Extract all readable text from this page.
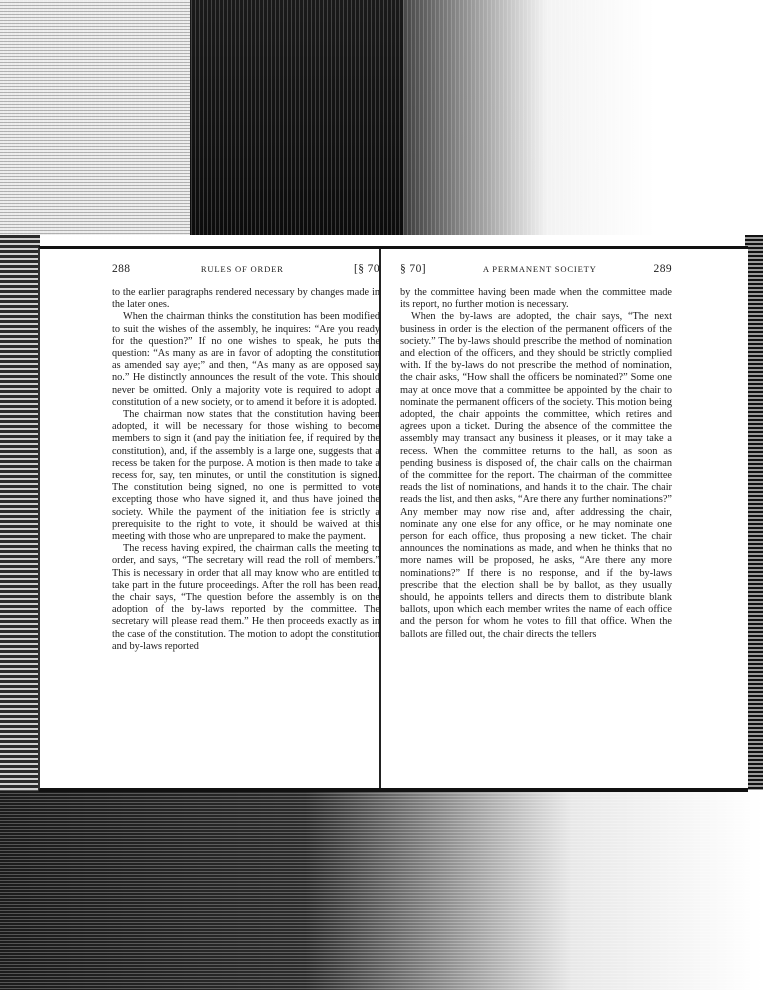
288	RULES OF ORDER	[§ 70

to the earlier paragraphs rendered necessary by changes made in the later ones.

When the chairman thinks the constitution has been modified to suit the wishes of the assembly, he inquires: “Are you ready for the question?” If no one wishes to speak, he puts the question: “As many as are in favor of adopting the constitution as amended say aye;” and then, “As many as are opposed say no.” He distinctly announces the result of the vote. This should never be omitted. Only a majority vote is required to adopt a constitution of a new society, or to amend it before it is adopted.

The chairman now states that the constitution having been adopted, it will be necessary for those wishing to become members to sign it (and pay the initiation fee, if required by the constitution), and, if the assembly is a large one, suggests that a recess be taken for the purpose. A motion is then made to take a recess for, say, ten minutes, or until the constitution is signed. The constitution being signed, no one is permitted to vote excepting those who have signed it, and thus have joined the society. While the payment of the initiation fee is strictly a prerequisite to the right to vote, it should be waived at this meeting with those who are unprepared to make the payment.

The recess having expired, the chairman calls the meeting to order, and says, “The secretary will read the roll of members.” This is necessary in order that all may know who are entitled to take part in the future proceedings. After the roll has been read, the chair says, “The question before the assembly is on the adoption of the by-laws reported by the committee. The secretary will please read them.” He then proceeds exactly as in the case of the constitution. The motion to adopt the constitution and by-laws reported

§ 70]	A PERMANENT SOCIETY	289

by the committee having been made when the committee made its report, no further motion is necessary.

When the by-laws are adopted, the chair says, “The next business in order is the election of the permanent officers of the society.” The by-laws should prescribe the method of nomination and election of the officers, and they should be strictly complied with. If the by-laws do not prescribe the method of nomination, the chair asks, “How shall the officers be nominated?” Some one may at once move that a committee be appointed by the chair to nominate the permanent officers of the society. This motion being adopted, the chair appoints the committee, which retires and agrees upon a ticket. During the absence of the committee the assembly may transact any business it pleases, or it may take a recess. When the committee returns to the hall, as soon as pending business is disposed of, the chair calls on the chairman of the committee for the report. The chairman of the committee reads the list of nominations, and hands it to the chair. The chair reads the list, and then asks, “Are there any further nominations?” Any member may now rise and, after addressing the chair, nominate any one else for any office, or he may nominate one person for each office, thus proposing a new ticket. The chair announces the nominations as made, and when he thinks that no more names will be proposed, he asks, “Are there any more nominations?” If there is no response, and if the by-laws prescribe that the election shall be by ballot, as they usually should, he appoints tellers and directs them to distribute blank ballots, upon which each member writes the name of each office and the person for whom he votes to fill that office. When the ballots are filled out, the chair directs the tellers
